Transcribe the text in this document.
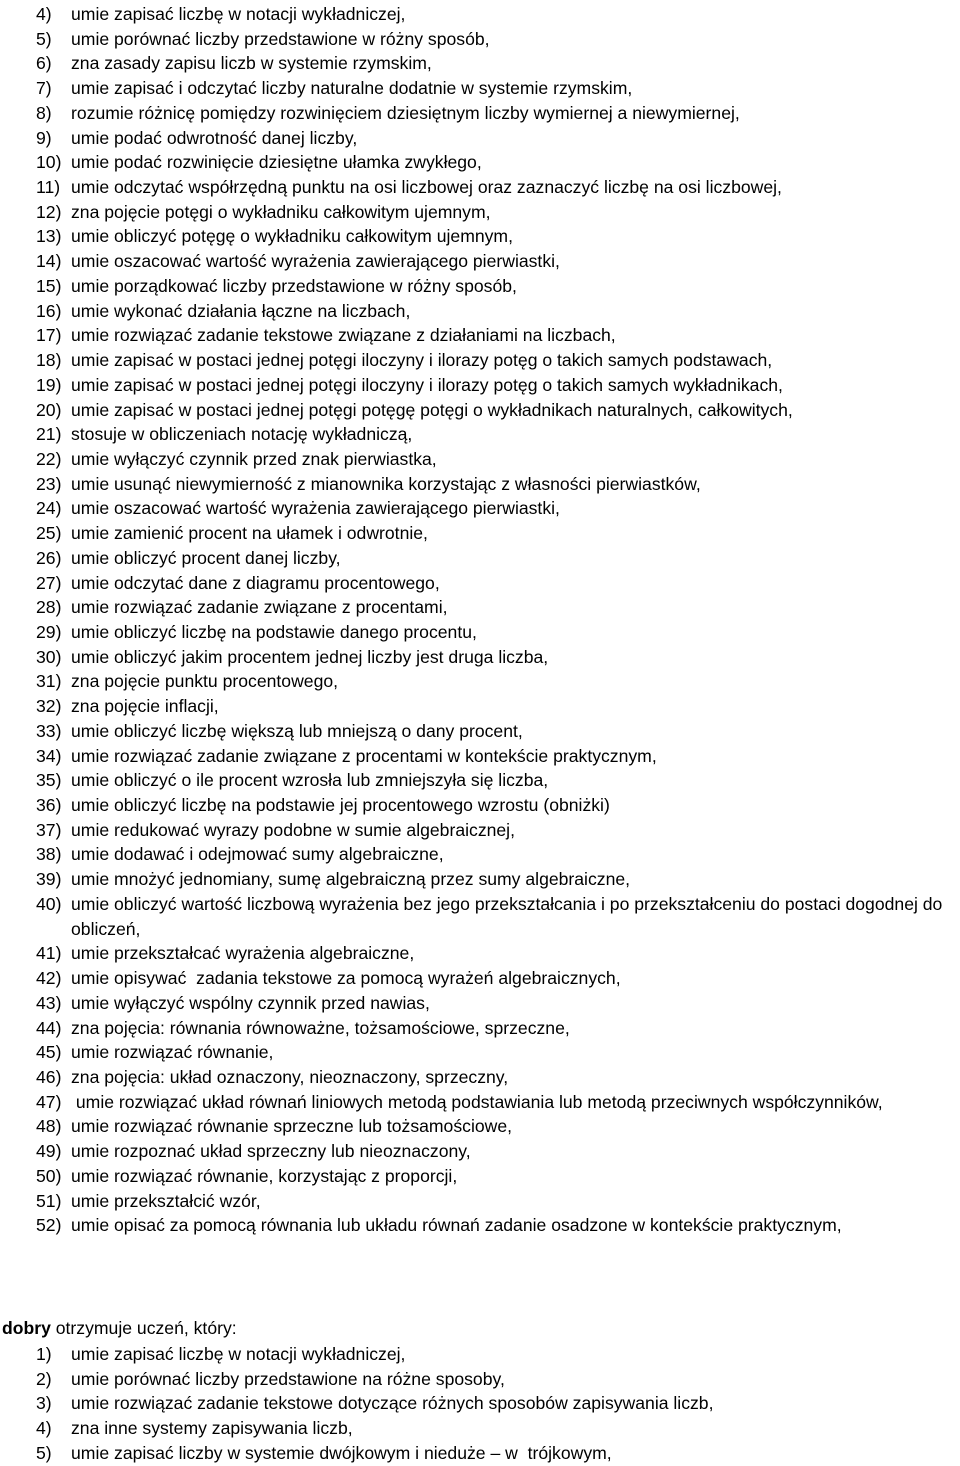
4)	umie zapisać liczbę w notacji wykładniczej,
5)	umie porównać liczby przedstawione w różny sposób,
6)	zna zasady zapisu liczb w systemie rzymskim,
7)	umie zapisać i odczytać liczby naturalne dodatnie w systemie rzymskim,
8)	rozumie różnicę pomiędzy rozwinięciem dziesiętnym liczby wymiernej a niewymiernej,
9)	umie podać odwrotność danej liczby,
10) umie podać rozwinięcie dziesiętne ułamka zwykłego,
11) umie odczytać współrzędną punktu na osi liczbowej oraz zaznaczyć liczbę na osi liczbowej,
12) zna pojęcie potęgi o wykładniku całkowitym ujemnym,
13) umie obliczyć potęgę o wykładniku całkowitym ujemnym,
14) umie oszacować wartość wyrażenia zawierającego pierwiastki,
15) umie porządkować liczby przedstawione w różny sposób,
16) umie wykonać działania łączne na liczbach,
17) umie rozwiązać zadanie tekstowe związane z działaniami na liczbach,
18) umie zapisać w postaci jednej potęgi iloczyny i ilorazy potęg o takich samych podstawach,
19) umie zapisać w postaci jednej potęgi iloczyny i ilorazy potęg o takich samych wykładnikach,
20) umie zapisać w postaci jednej potęgi potęgę potęgi o wykładnikach naturalnych, całkowitych,
21) stosuje w obliczeniach notację wykładniczą,
22) umie wyłączyć czynnik przed znak pierwiastka,
23) umie usunąć niewymierność z mianownika korzystając z własności pierwiastków,
24) umie oszacować wartość wyrażenia zawierającego pierwiastki,
25) umie zamienić procent na ułamek i odwrotnie,
26) umie obliczyć procent danej liczby,
27) umie odczytać dane z diagramu procentowego,
28) umie rozwiązać zadanie związane z procentami,
29) umie obliczyć liczbę na podstawie danego procentu,
30) umie obliczyć jakim procentem jednej liczby jest druga liczba,
31) zna pojęcie punktu procentowego,
32) zna pojęcie inflacji,
33) umie obliczyć liczbę większą lub mniejszą o dany procent,
34) umie rozwiązać zadanie związane z procentami w kontekście praktycznym,
35) umie obliczyć o ile procent wzrosła lub zmniejszyła się liczba,
36) umie obliczyć liczbę na podstawie jej procentowego wzrostu (obniżki)
37) umie redukować wyrazy podobne w sumie algebraicznej,
38) umie dodawać i odejmować sumy algebraiczne,
39) umie mnożyć jednomiany, sumę algebraiczną przez sumy algebraiczne,
40) umie obliczyć wartość liczbową wyrażenia bez jego przekształcania i po przekształceniu do postaci dogodnej do obliczeń,
41) umie przekształcać wyrażenia algebraiczne,
42) umie opisywać  zadania tekstowe za pomocą wyrażeń algebraicznych,
43) umie wyłączyć wspólny czynnik przed nawias,
44) zna pojęcia: równania równoważne, tożsamościowe, sprzeczne,
45) umie rozwiązać równanie,
46) zna pojęcia: układ oznaczony, nieoznaczony, sprzeczny,
47) umie rozwiązać układ równań liniowych metodą podstawiania lub metodą przeciwnych współczynników,
48) umie rozwiązać równanie sprzeczne lub tożsamościowe,
49) umie rozpoznać układ sprzeczny lub nieoznaczony,
50) umie rozwiązać równanie, korzystając z proporcji,
51) umie przekształcić wzór,
52) umie opisać za pomocą równania lub układu równań zadanie osadzone w kontekście praktycznym,
dobry otrzymuje uczeń, który:
1)	umie zapisać liczbę w notacji wykładniczej,
2)	umie porównać liczby przedstawione na różne sposoby,
3)	umie rozwiązać zadanie tekstowe dotyczące różnych sposobów zapisywania liczb,
4)	zna inne systemy zapisywania liczb,
5)	umie zapisać liczby w systemie dwójkowym i nieduże – w  trójkowym,
